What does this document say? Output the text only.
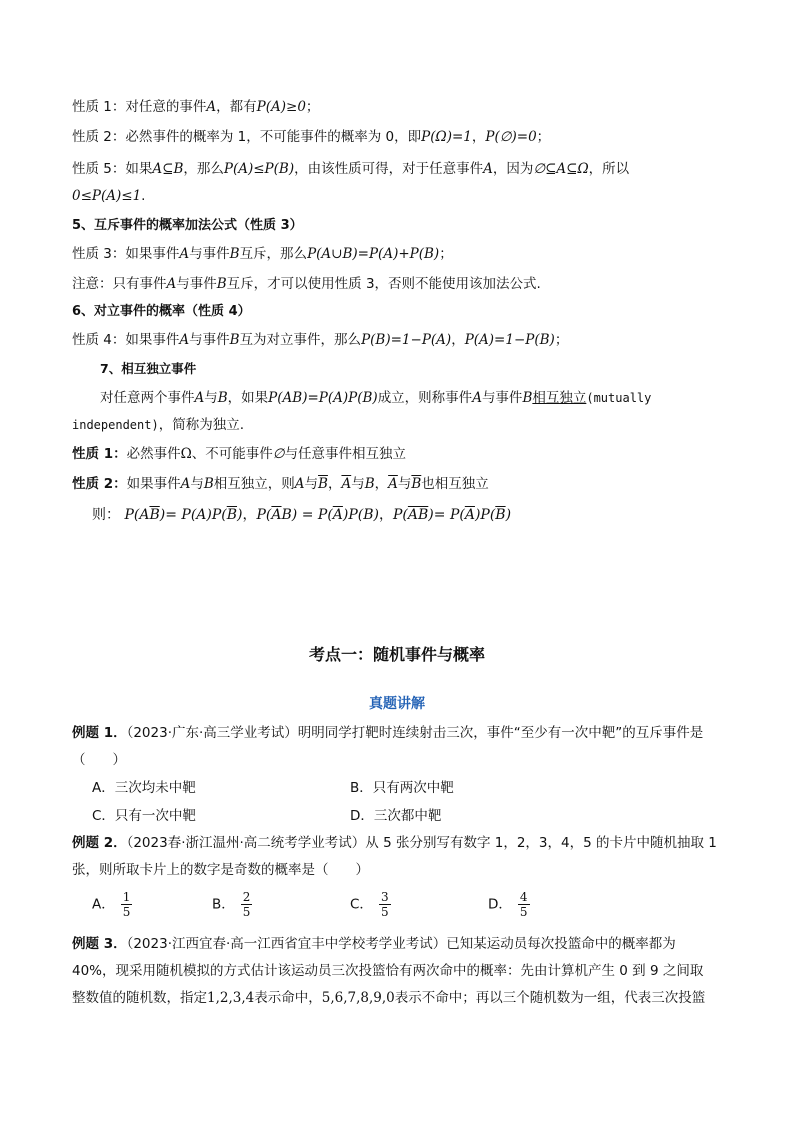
性质 1：对任意的事件A，都有P(A)≥0；
性质 2：必然事件的概率为 1，不可能事件的概率为 0，即P(Ω)=1，P(∅)=0；
性质 5：如果A⊆B，那么P(A)≤P(B)，由该性质可得，对于任意事件A，因为∅⊆A⊆Ω，所以
0≤P(A)≤1.
5、互斥事件的概率加法公式（性质 3）
性质 3：如果事件A与事件B互斥，那么P(A∪B)=P(A)+P(B)；
注意：只有事件A与事件B互斥，才可以使用性质 3，否则不能使用该加法公式.
6、对立事件的概率（性质 4）
性质 4：如果事件A与事件B互为对立事件，那么P(B)=1−P(A)，P(A)=1−P(B)；
7、相互独立事件
对任意两个事件A与B，如果P(AB)=P(A)P(B)成立，则称事件A与事件B相互独立(mutually
independent)，简称为独立.
性质 1：必然事件Ω、不可能事件∅与任意事件相互独立
性质 2：如果事件A与B相互独立，则A与$\overline{B}$，$\overline{A}$与B，$\overline{A}$与$\overline{B}$也相互独立
则： $P(A\overline{B})= P(A)P(\overline{B})$，$P(\overline{A}B) = P(\overline{A})P(B)$，$P(\overline{AB})= P(\overline{A})P(\overline{B})$
考点一：随机事件与概率
真题讲解
例题 1．（2023·广东·高三学业考试）明明同学打靶时连续射击三次，事件“至少有一次中靶”的互斥事件是
（　　）
A．三次均未中靶	B．只有两次中靶
C．只有一次中靶	D．三次都中靶
例题 2．（2023春·浙江温州·高二统考学业考试）从 5 张分别写有数字 1，2，3，4，5 的卡片中随机抽取 1
张，则所取卡片上的数字是奇数的概率是（　　）
A． $\frac{1}{5}$	B． $\frac{2}{5}$	C． $\frac{3}{5}$	D． $\frac{4}{5}$
例题 3．（2023·江西宜春·高一江西省宜丰中学校考学业考试）已知某运动员每次投篮命中的概率都为
40%，现采用随机模拟的方式估计该运动员三次投篮恰有两次命中的概率：先由计算机产生 0 到 9 之间取
整数值的随机数，指定1,2,3,4表示命中，5,6,7,8,9,0表示不命中；再以三个随机数为一组，代表三次投篮
